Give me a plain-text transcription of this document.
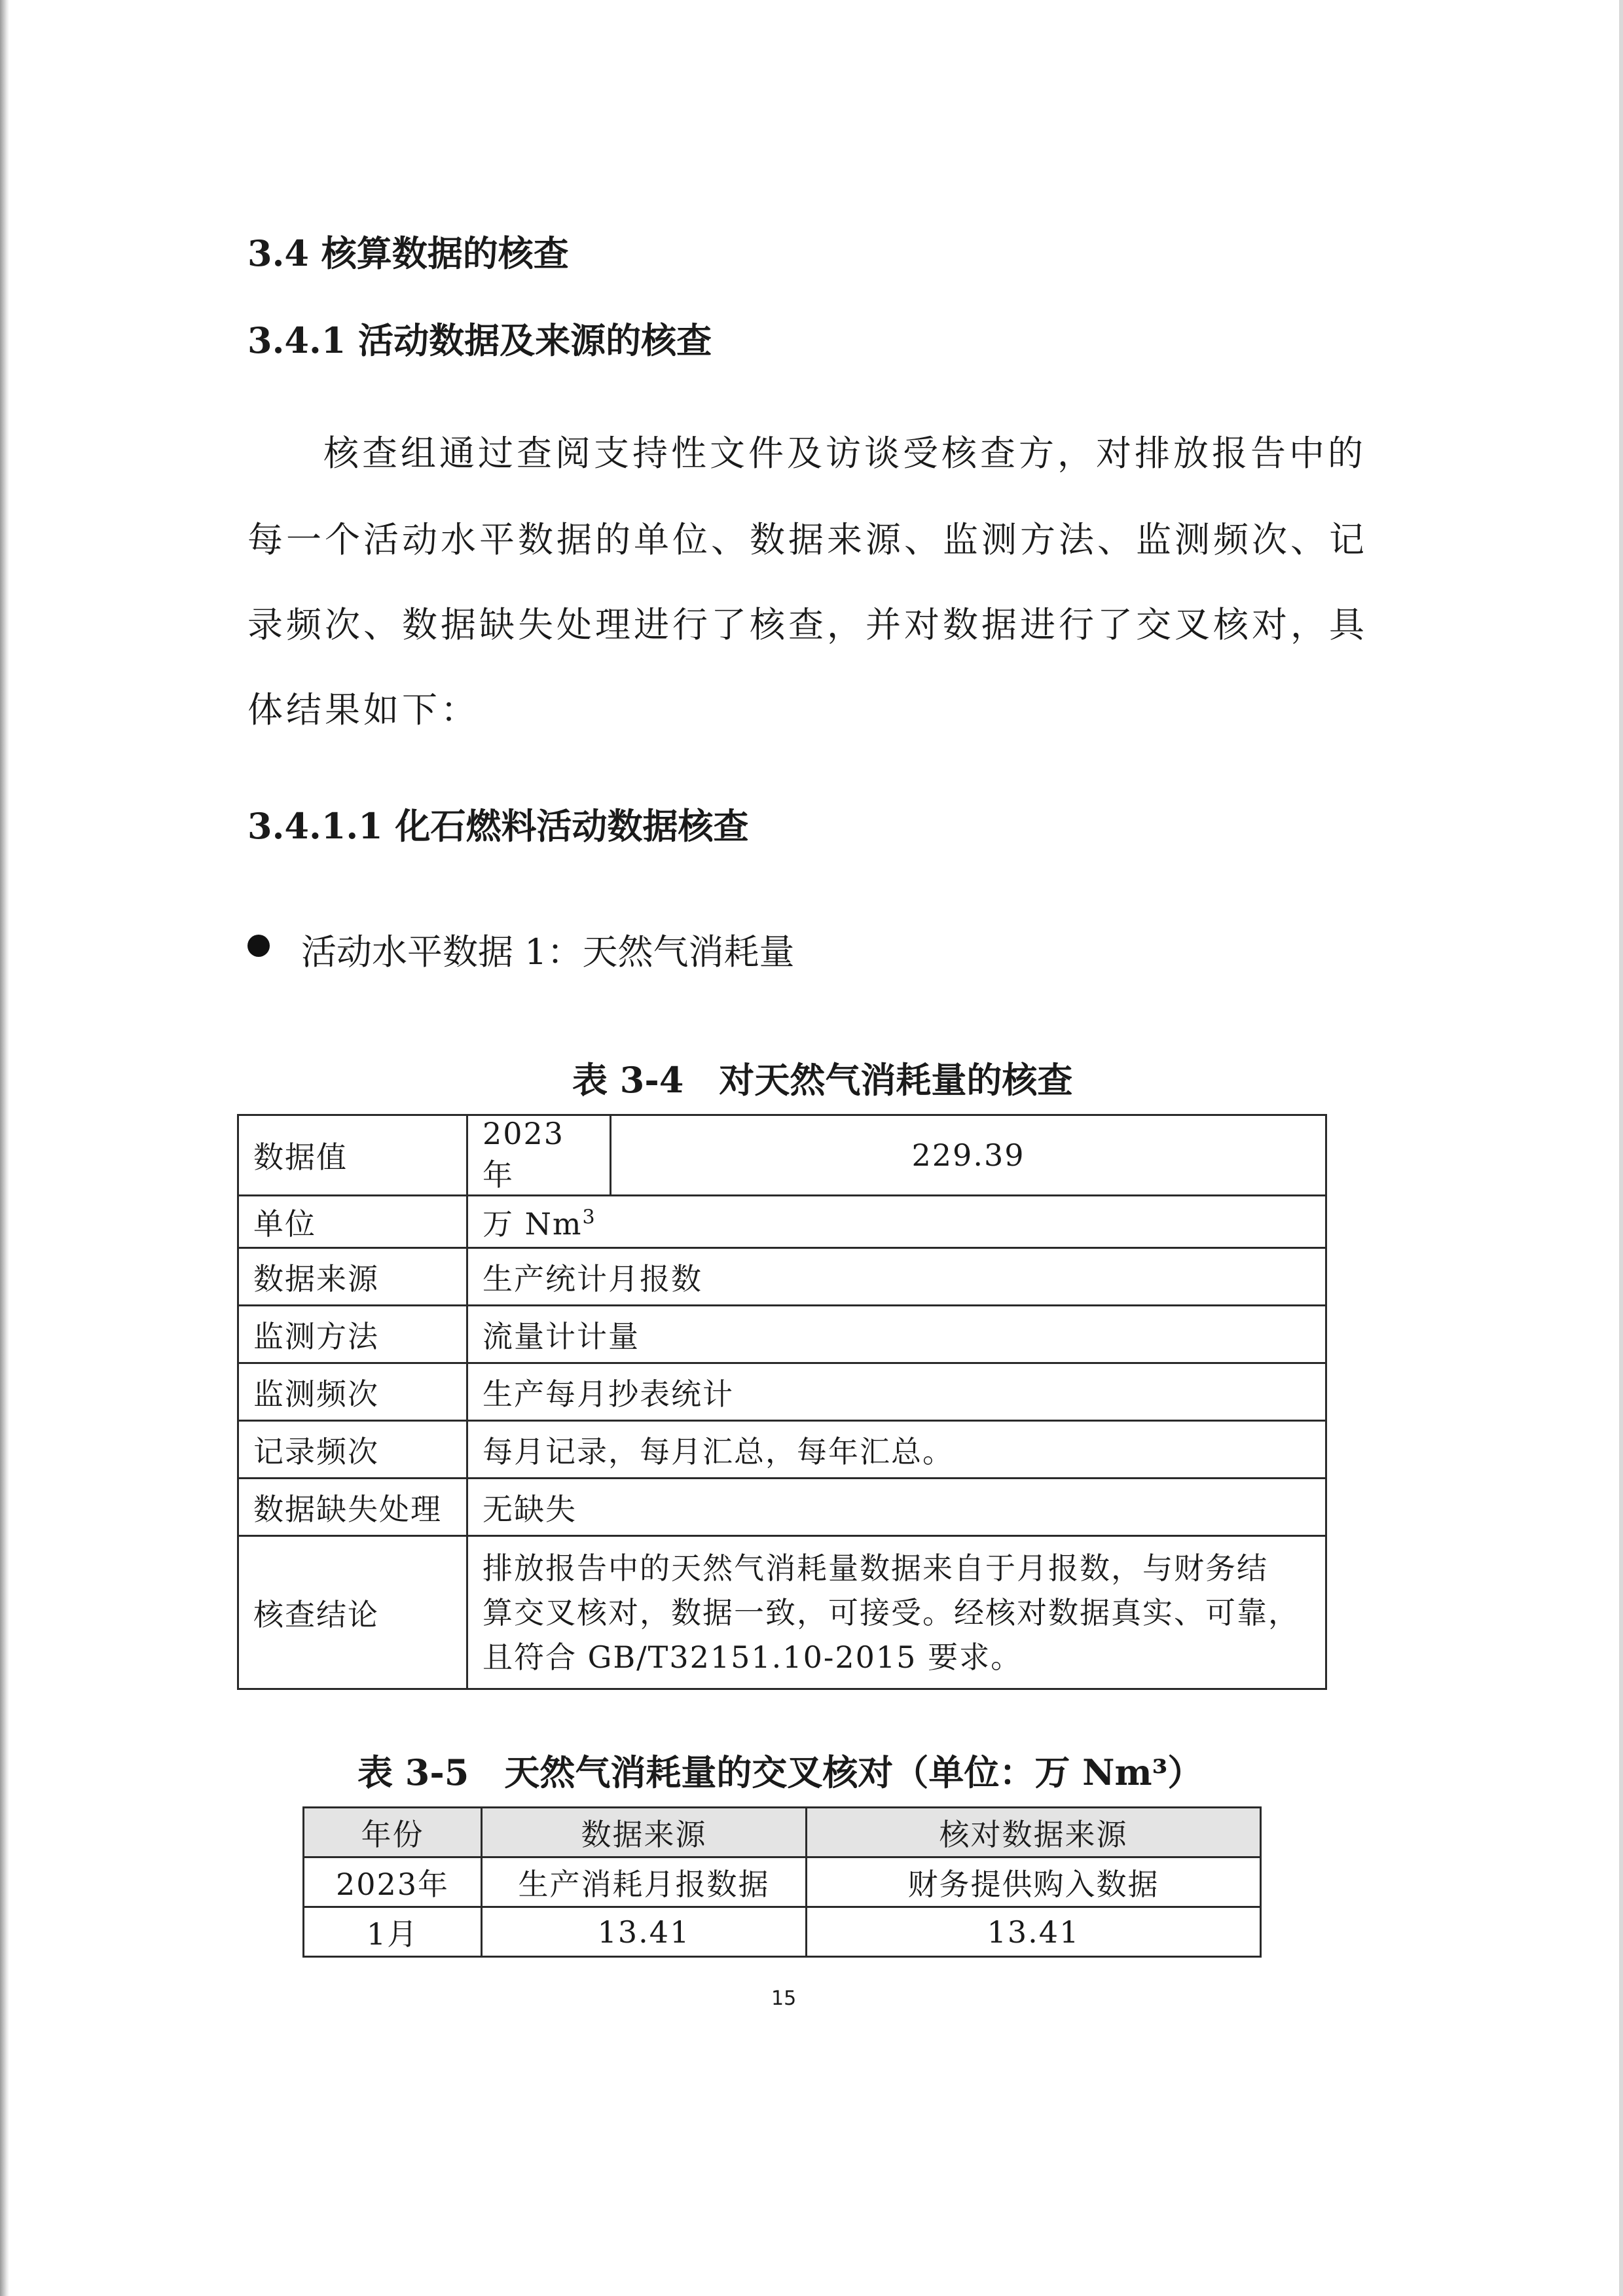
3.4 核算数据的核查
3.4.1 活动数据及来源的核查

核查组通过查阅支持性文件及访谈受核查方，对排放报告中的

每一个活动水平数据的单位、数据来源、监测方法、监测频次、记

录频次、数据缺失处理进行了核查，并对数据进行了交叉核对，具

体结果如下：

3.4.1.1 化石燃料活动数据核查

活动水平数据 1：天然气消耗量

表 3-4　对天然气消耗量的核查

数据值	2023 年	229.39
单位	万 Nm$^3$
数据来源	生产统计月报数	
监测方法	流量计计量	
监测频次	生产每月抄表统计	
记录频次	每月记录，每月汇总，每年汇总。	
数据缺失处理	无缺失	
核查结论	排放报告中的天然气消耗量数据来自于月报数，与财务结
算交叉核对，数据一致，可接受。经核对数据真实、可靠，
且符合 GB/T32151.10-2015 要求。	

表 3-5　天然气消耗量的交叉核对（单位：万 Nm³）

年份	数据来源	核对数据来源
2023年	生产消耗月报数据	财务提供购入数据
1月	13.41	13.41

15
